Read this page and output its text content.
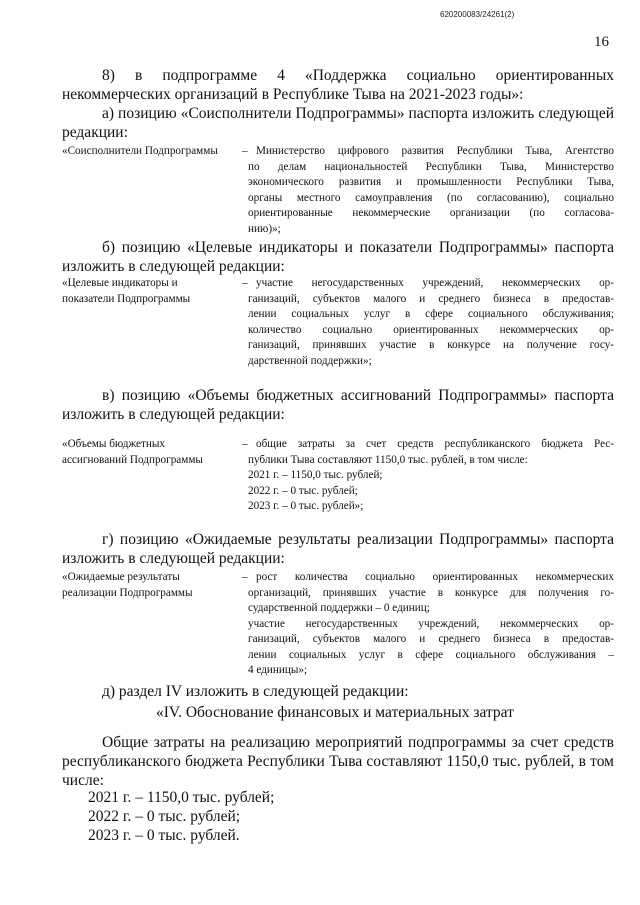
620200083/24261(2)
16
8) в подпрограмме 4 «Поддержка социально ориентированных некоммерческих организаций в Республике Тыва на 2021-2023 годы»:
а) позицию «Соисполнители Подпрограммы» паспорта изложить следующей редакции:
«Соисполнители Подпрограммы	– Министерство цифрового развития Республики Тыва, Агентство
по делам национальностей Республики Тыва, Министерство
экономического развития и промышленности Республики Тыва,
органы местного самоуправления (по согласованию), социально
ориентированные некоммерческие организации (по согласова-
нию)»;
б) позицию «Целевые индикаторы и показатели Подпрограммы» паспорта изложить в следующей редакции:
«Целевые индикаторы и показатели Подпрограммы
– участие негосударственных учреждений, некоммерческих ор-
ганизаций, субъектов малого и среднего бизнеса в предостав-
лении социальных услуг в сфере социального обслуживания;
количество социально ориентированных некоммерческих ор-
ганизаций, принявших участие в конкурсе на получение госу-
дарственной поддержки»;
в) позицию «Объемы бюджетных ассигнований Подпрограммы» паспорта изложить в следующей редакции:
«Объемы бюджетных ассигнований Подпрограммы
– общие затраты за счет средств республиканского бюджета Рес-
публики Тыва составляют 1150,0 тыс. рублей, в том числе:
2021 г. – 1150,0 тыс. рублей;
2022 г. – 0 тыс. рублей;
2023 г. – 0 тыс. рублей»;
г) позицию «Ожидаемые результаты реализации Подпрограммы» паспорта изложить в следующей редакции:
«Ожидаемые результаты реализации Подпрограммы
– рост количества социально ориентированных некоммерческих
организаций, принявших участие в конкурсе для получения го-
сударственной поддержки – 0 единиц;
участие негосударственных учреждений, некоммерческих ор-
ганизаций, субъектов малого и среднего бизнеса в предостав-
лении социальных услуг в сфере социального обслуживания –
4 единицы»;
д) раздел IV изложить в следующей редакции:
«IV. Обоснование финансовых и материальных затрат
Общие затраты на реализацию мероприятий подпрограммы за счет средств республиканского бюджета Республики Тыва составляют 1150,0 тыс. рублей, в том числе:
2021 г. – 1150,0 тыс. рублей;
2022 г. – 0 тыс. рублей;
2023 г. – 0 тыс. рублей.
